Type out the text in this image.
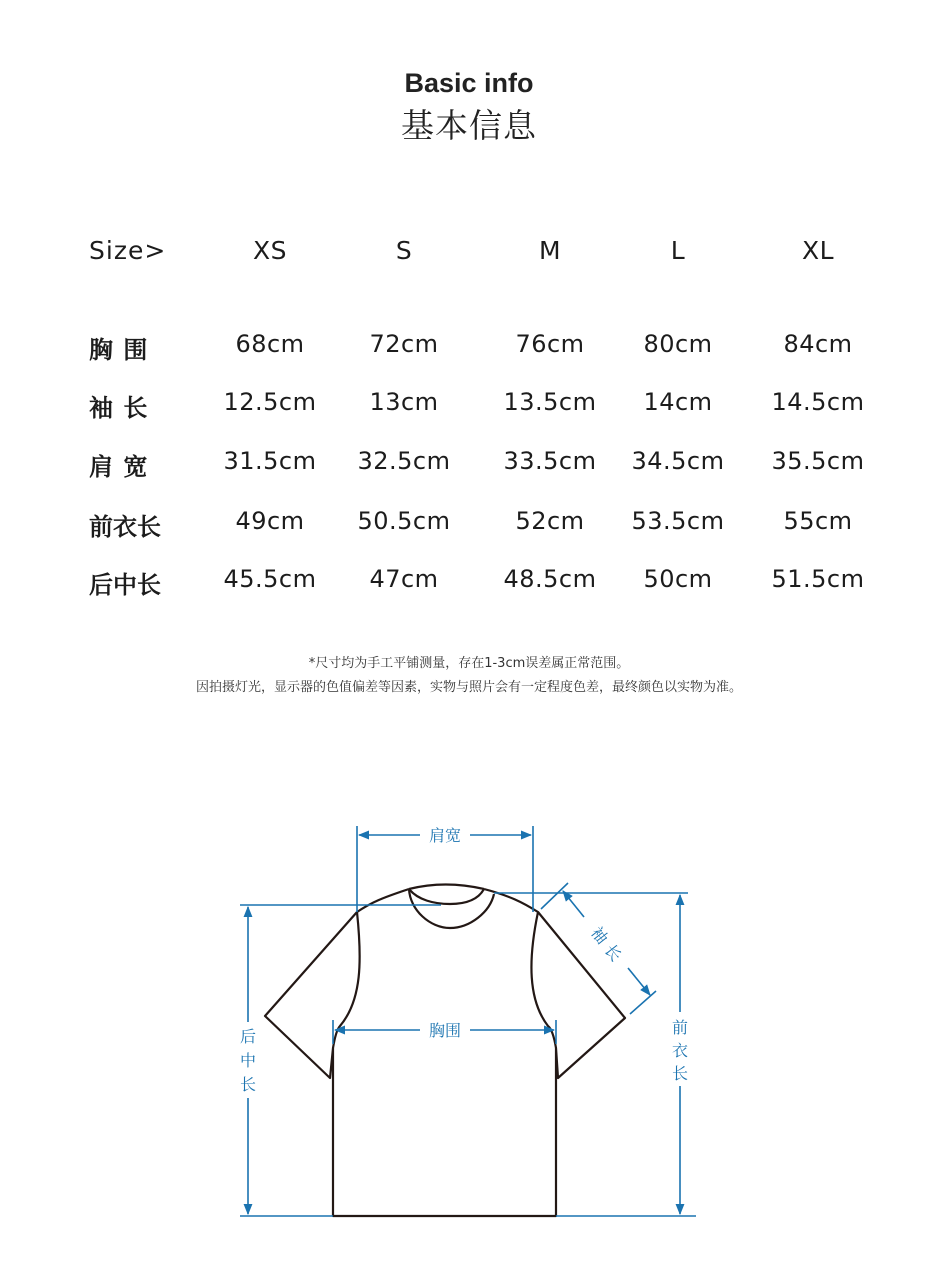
Basic info
基本信息
Size>	XS	S	M	L	XL
胸 围	68cm	72cm	76cm 80cm	84cm
袖 长	12.5cm 13cm	13.5cm 14cm 14.5cm
肩 宽	31.5cm 32.5cm 33.5cm 34.5cm 35.5cm
前衣长	49cm 50.5cm	52cm 53.5cm 55cm
后中长	45.5cm 47cm	48.5cm 50cm 51.5cm
*尺寸均为手工平铺测量，存在1-3cm误差属正常范围。
因拍摄灯光，显示器的色值偏差等因素，实物与照片会有一定程度色差，最终颜色以实物为准。
肩宽
胸围
袖
长
后
中
长
前
衣
长
